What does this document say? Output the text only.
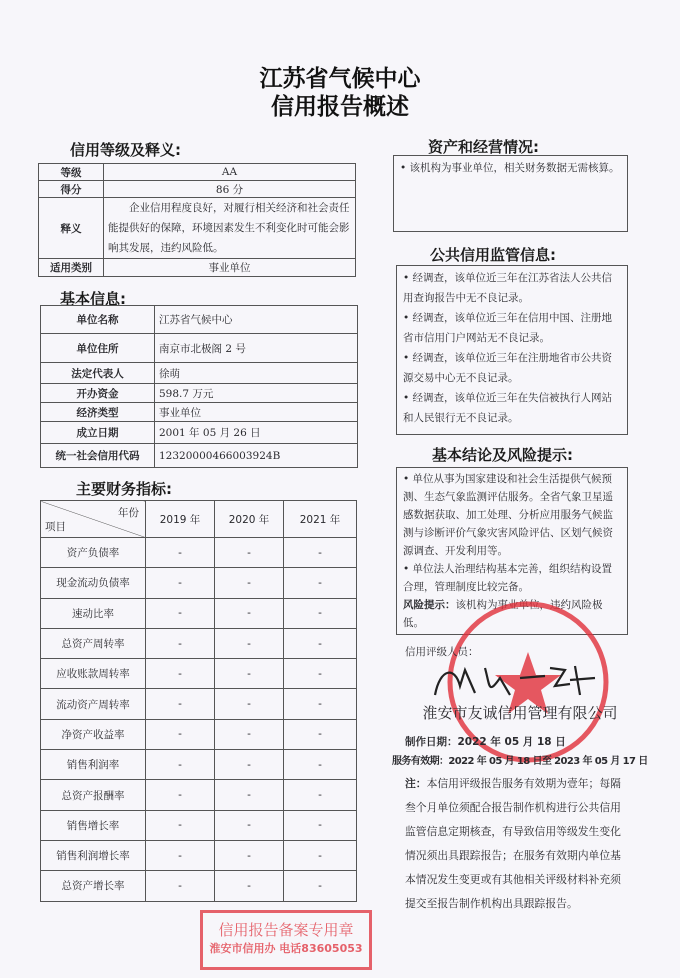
江苏省气候中心
信用报告概述
信用等级及释义:
等级	AA
得分	86 分
释义	企业信用程度良好，对履行相关经济和社会责任能提供好的保障，环境因素发生不利变化时可能会影响其发展，违约风险低。
适用类别	事业单位
基本信息:
单位名称	江苏省气候中心
单位住所	南京市北极阁 2 号
法定代表人	徐萌
开办资金	598.7 万元
经济类型	事业单位
成立日期	2001 年 05 月 26 日
统一社会信用代码	12320000466003924B
主要财务指标:
年份
项目	2019 年	2020 年	2021 年
资产负债率	-	-	-
现金流动负债率	-	-	-
速动比率	-	-	-
总资产周转率	-	-	-
应收账款周转率	-	-	-
流动资产周转率	-	-	-
净资产收益率	-	-	-
销售利润率	-	-	-
总资产报酬率	-	-	-
销售增长率	-	-	-
销售利润增长率	-	-	-
总资产增长率	-	-	-
资产和经营情况:

• 该机构为事业单位，相关财务数据无需核算。

公共信用监管信息:

• 经调查，该单位近三年在江苏省法人公共信用查询报告中无不良记录。

• 经调查，该单位近三年在信用中国、注册地省市信用门户网站无不良记录。

• 经调查，该单位近三年在注册地省市公共资源交易中心无不良记录。

• 经调查，该单位近三年在失信被执行人网站和人民银行无不良记录。

基本结论及风险提示:

• 单位从事为国家建设和社会生活提供气候预测、生态气象监测评估服务。全省气象卫星遥感数据获取、加工处理、分析应用服务气候监测与诊断评价气象灾害风险评估、区划气候资源调查、开发利用等。

• 单位法人治理结构基本完善，组织结构设置合理，管理制度比较完备。

风险提示：该机构为事业单位，违约风险极低。

信用评级人员：
淮安市友诚信用管理有限公司
制作日期：2022 年 05 月 18 日
服务有效期：2022 年 05 月 18 日至 2023 年 05 月 17 日
注：本信用评级报告服务有效期为壹年；每隔叁个月单位须配合报告制作机构进行公共信用监管信息定期核查，有导致信用等级发生变化情况须出具跟踪报告；在服务有效期内单位基本情况发生变更或有其他相关评级材料补充须提交至报告制作机构出具跟踪报告。
信用报告备案专用章
淮安市信用办 电话83605053
